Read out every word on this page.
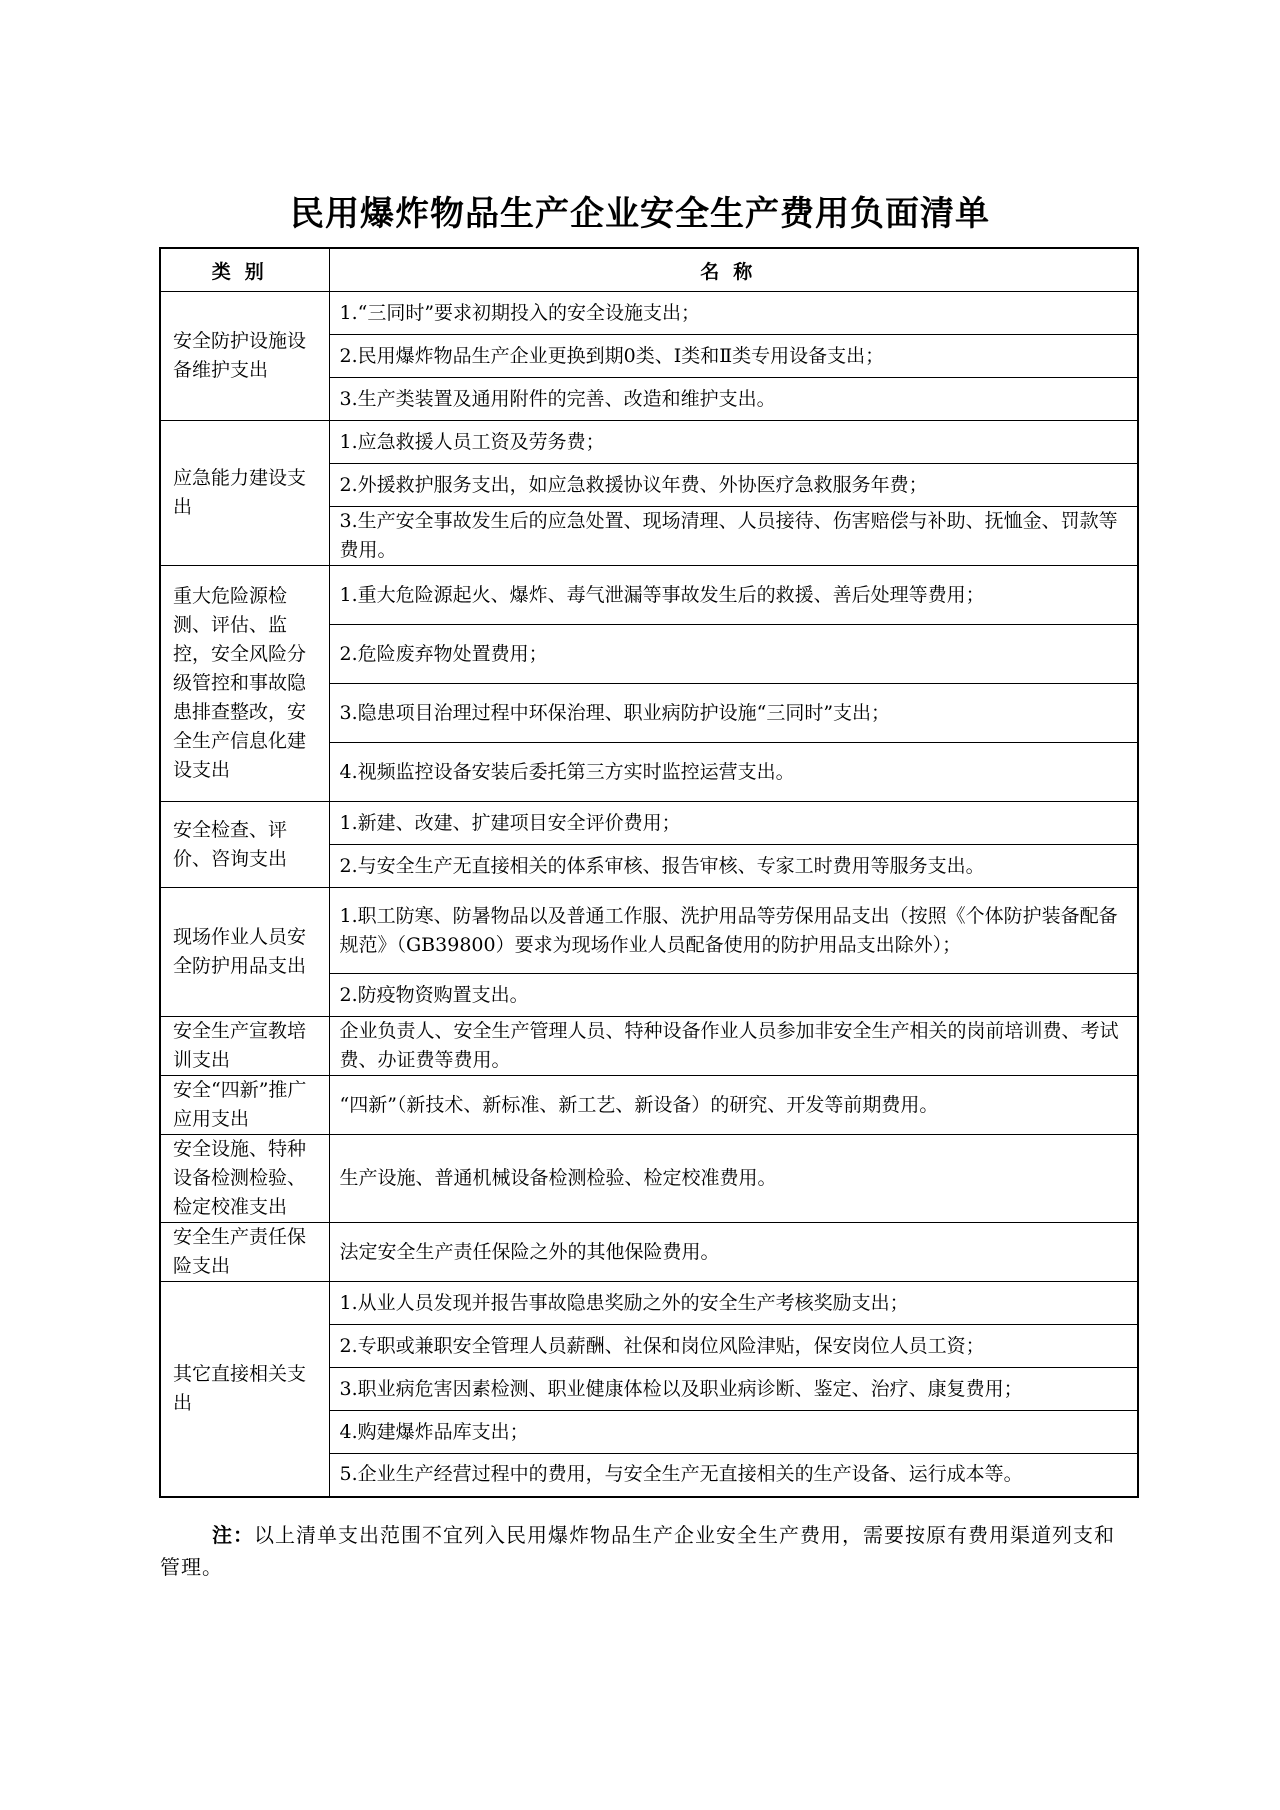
民用爆炸物品生产企业安全生产费用负面清单
类别	名称
安全防护设施设备维护支出	1.“三同时”要求初期投入的安全设施支出；
	2.民用爆炸物品生产企业更换到期0类、Ⅰ类和Ⅱ类专用设备支出；
	3.生产类装置及通用附件的完善、改造和维护支出。
应急能力建设支出	1.应急救援人员工资及劳务费；
	2.外援救护服务支出，如应急救援协议年费、外协医疗急救服务年费；
	3.生产安全事故发生后的应急处置、现场清理、人员接待、伤害赔偿与补助、抚恤金、罚款等费用。
重大危险源检测、评估、监控，安全风险分级管控和事故隐患排查整改，安全生产信息化建设支出	1.重大危险源起火、爆炸、毒气泄漏等事故发生后的救援、善后处理等费用；
	2.危险废弃物处置费用；
	3.隐患项目治理过程中环保治理、职业病防护设施“三同时”支出；
	4.视频监控设备安装后委托第三方实时监控运营支出。
安全检查、评价、咨询支出	1.新建、改建、扩建项目安全评价费用；
	2.与安全生产无直接相关的体系审核、报告审核、专家工时费用等服务支出。
现场作业人员安全防护用品支出	1.职工防寒、防暑物品以及普通工作服、洗护用品等劳保用品支出（按照《个体防护装备配备规范》（GB39800）要求为现场作业人员配备使用的防护用品支出除外）；
	2.防疫物资购置支出。
安全生产宣教培训支出	企业负责人、安全生产管理人员、特种设备作业人员参加非安全生产相关的岗前培训费、考试费、办证费等费用。
安全“四新”推广应用支出	“四新”（新技术、新标准、新工艺、新设备）的研究、开发等前期费用。
安全设施、特种设备检测检验、检定校准支出	生产设施、普通机械设备检测检验、检定校准费用。
安全生产责任保险支出	法定安全生产责任保险之外的其他保险费用。
其它直接相关支出	1.从业人员发现并报告事故隐患奖励之外的安全生产考核奖励支出；
	2.专职或兼职安全管理人员薪酬、社保和岗位风险津贴，保安岗位人员工资；
	3.职业病危害因素检测、职业健康体检以及职业病诊断、鉴定、治疗、康复费用；
	4.购建爆炸品库支出；
	5.企业生产经营过程中的费用，与安全生产无直接相关的生产设备、运行成本等。
注：以上清单支出范围不宜列入民用爆炸物品生产企业安全生产费用，需要按原有费用渠道列支和管理。
